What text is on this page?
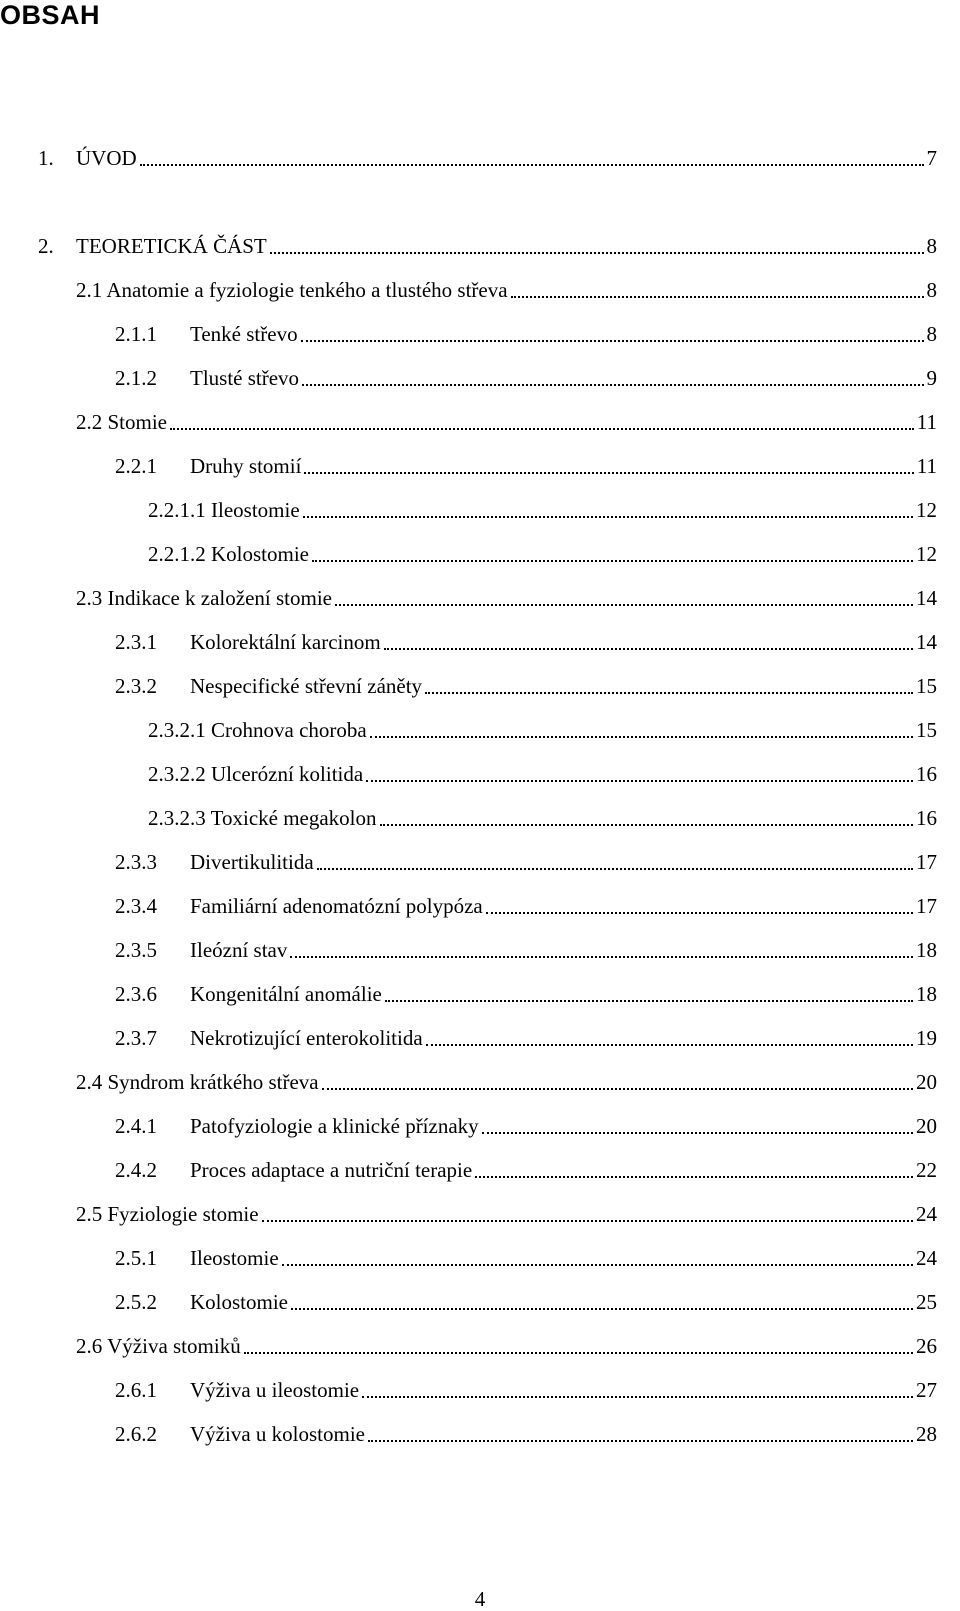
OBSAH
1.	ÚVOD	7
2.	TEORETICKÁ ČÁST	8
2.1 Anatomie a fyziologie tenkého a tlustého střeva	8
2.1.1	Tenké střevo	8
2.1.2	Tlusté střevo	9
2.2 Stomie	11
2.2.1	Druhy stomií	11
2.2.1.1 Ileostomie	12
2.2.1.2 Kolostomie	12
2.3 Indikace k založení stomie	14
2.3.1	Kolorektální karcinom	14
2.3.2	Nespecifické střevní záněty	15
2.3.2.1 Crohnova choroba	15
2.3.2.2 Ulcerózní kolitida	16
2.3.2.3 Toxické megakolon	16
2.3.3	Divertikulitida	17
2.3.4	Familiární adenomatózní polypóza	17
2.3.5	Ileózní stav	18
2.3.6	Kongenitální anomálie	18
2.3.7	Nekrotizující enterokolitida	19
2.4 Syndrom krátkého střeva	20
2.4.1	Patofyziologie a klinické příznaky	20
2.4.2	Proces adaptace a nutriční terapie	22
2.5 Fyziologie stomie	24
2.5.1	Ileostomie	24
2.5.2	Kolostomie	25
2.6 Výživa stomiků	26
2.6.1	Výživa u ileostomie	27
2.6.2	Výživa u kolostomie	28
4
